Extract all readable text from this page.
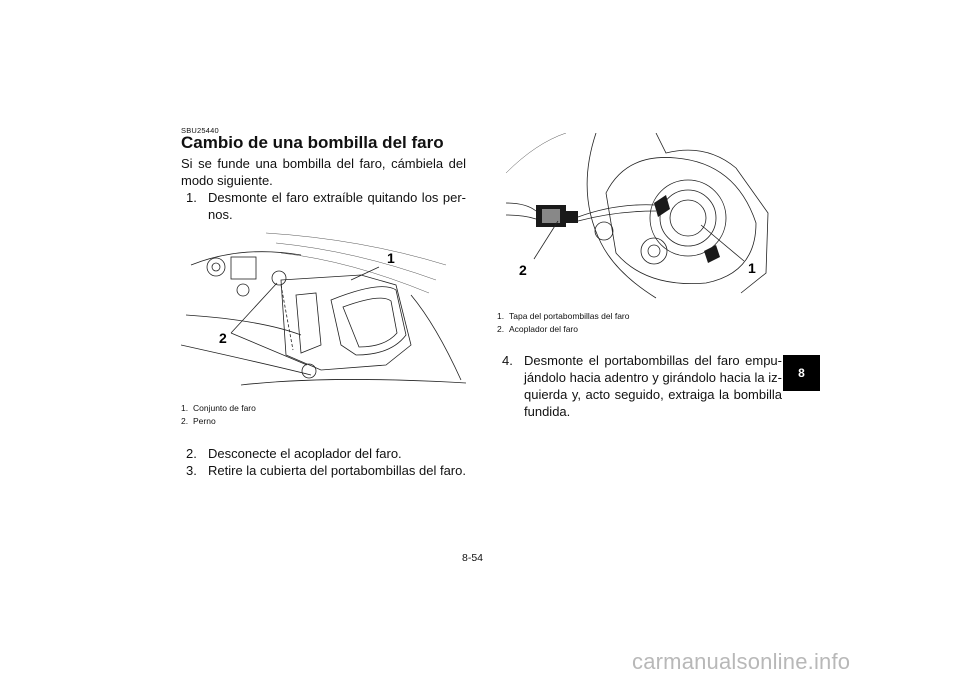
SBU25440
Cambio de una bombilla del faro
Si se funde una bombilla del faro, cámbiela del modo siguiente.
1. Desmonte el faro extraíble quitando los per-nos.
1
2
1. Conjunto de faro
2. Perno
2. Desconecte el acoplador del faro.
3. Retire la cubierta del portabombillas del faro.
2	1
1. Tapa del portabombillas del faro
2. Acoplador del faro
4. Desmonte el portabombillas del faro empu-jándolo hacia adentro y girándolo hacia la iz-quierda y, acto seguido, extraiga la bombilla fundida.
8
8-54
carmanualsonline.info
